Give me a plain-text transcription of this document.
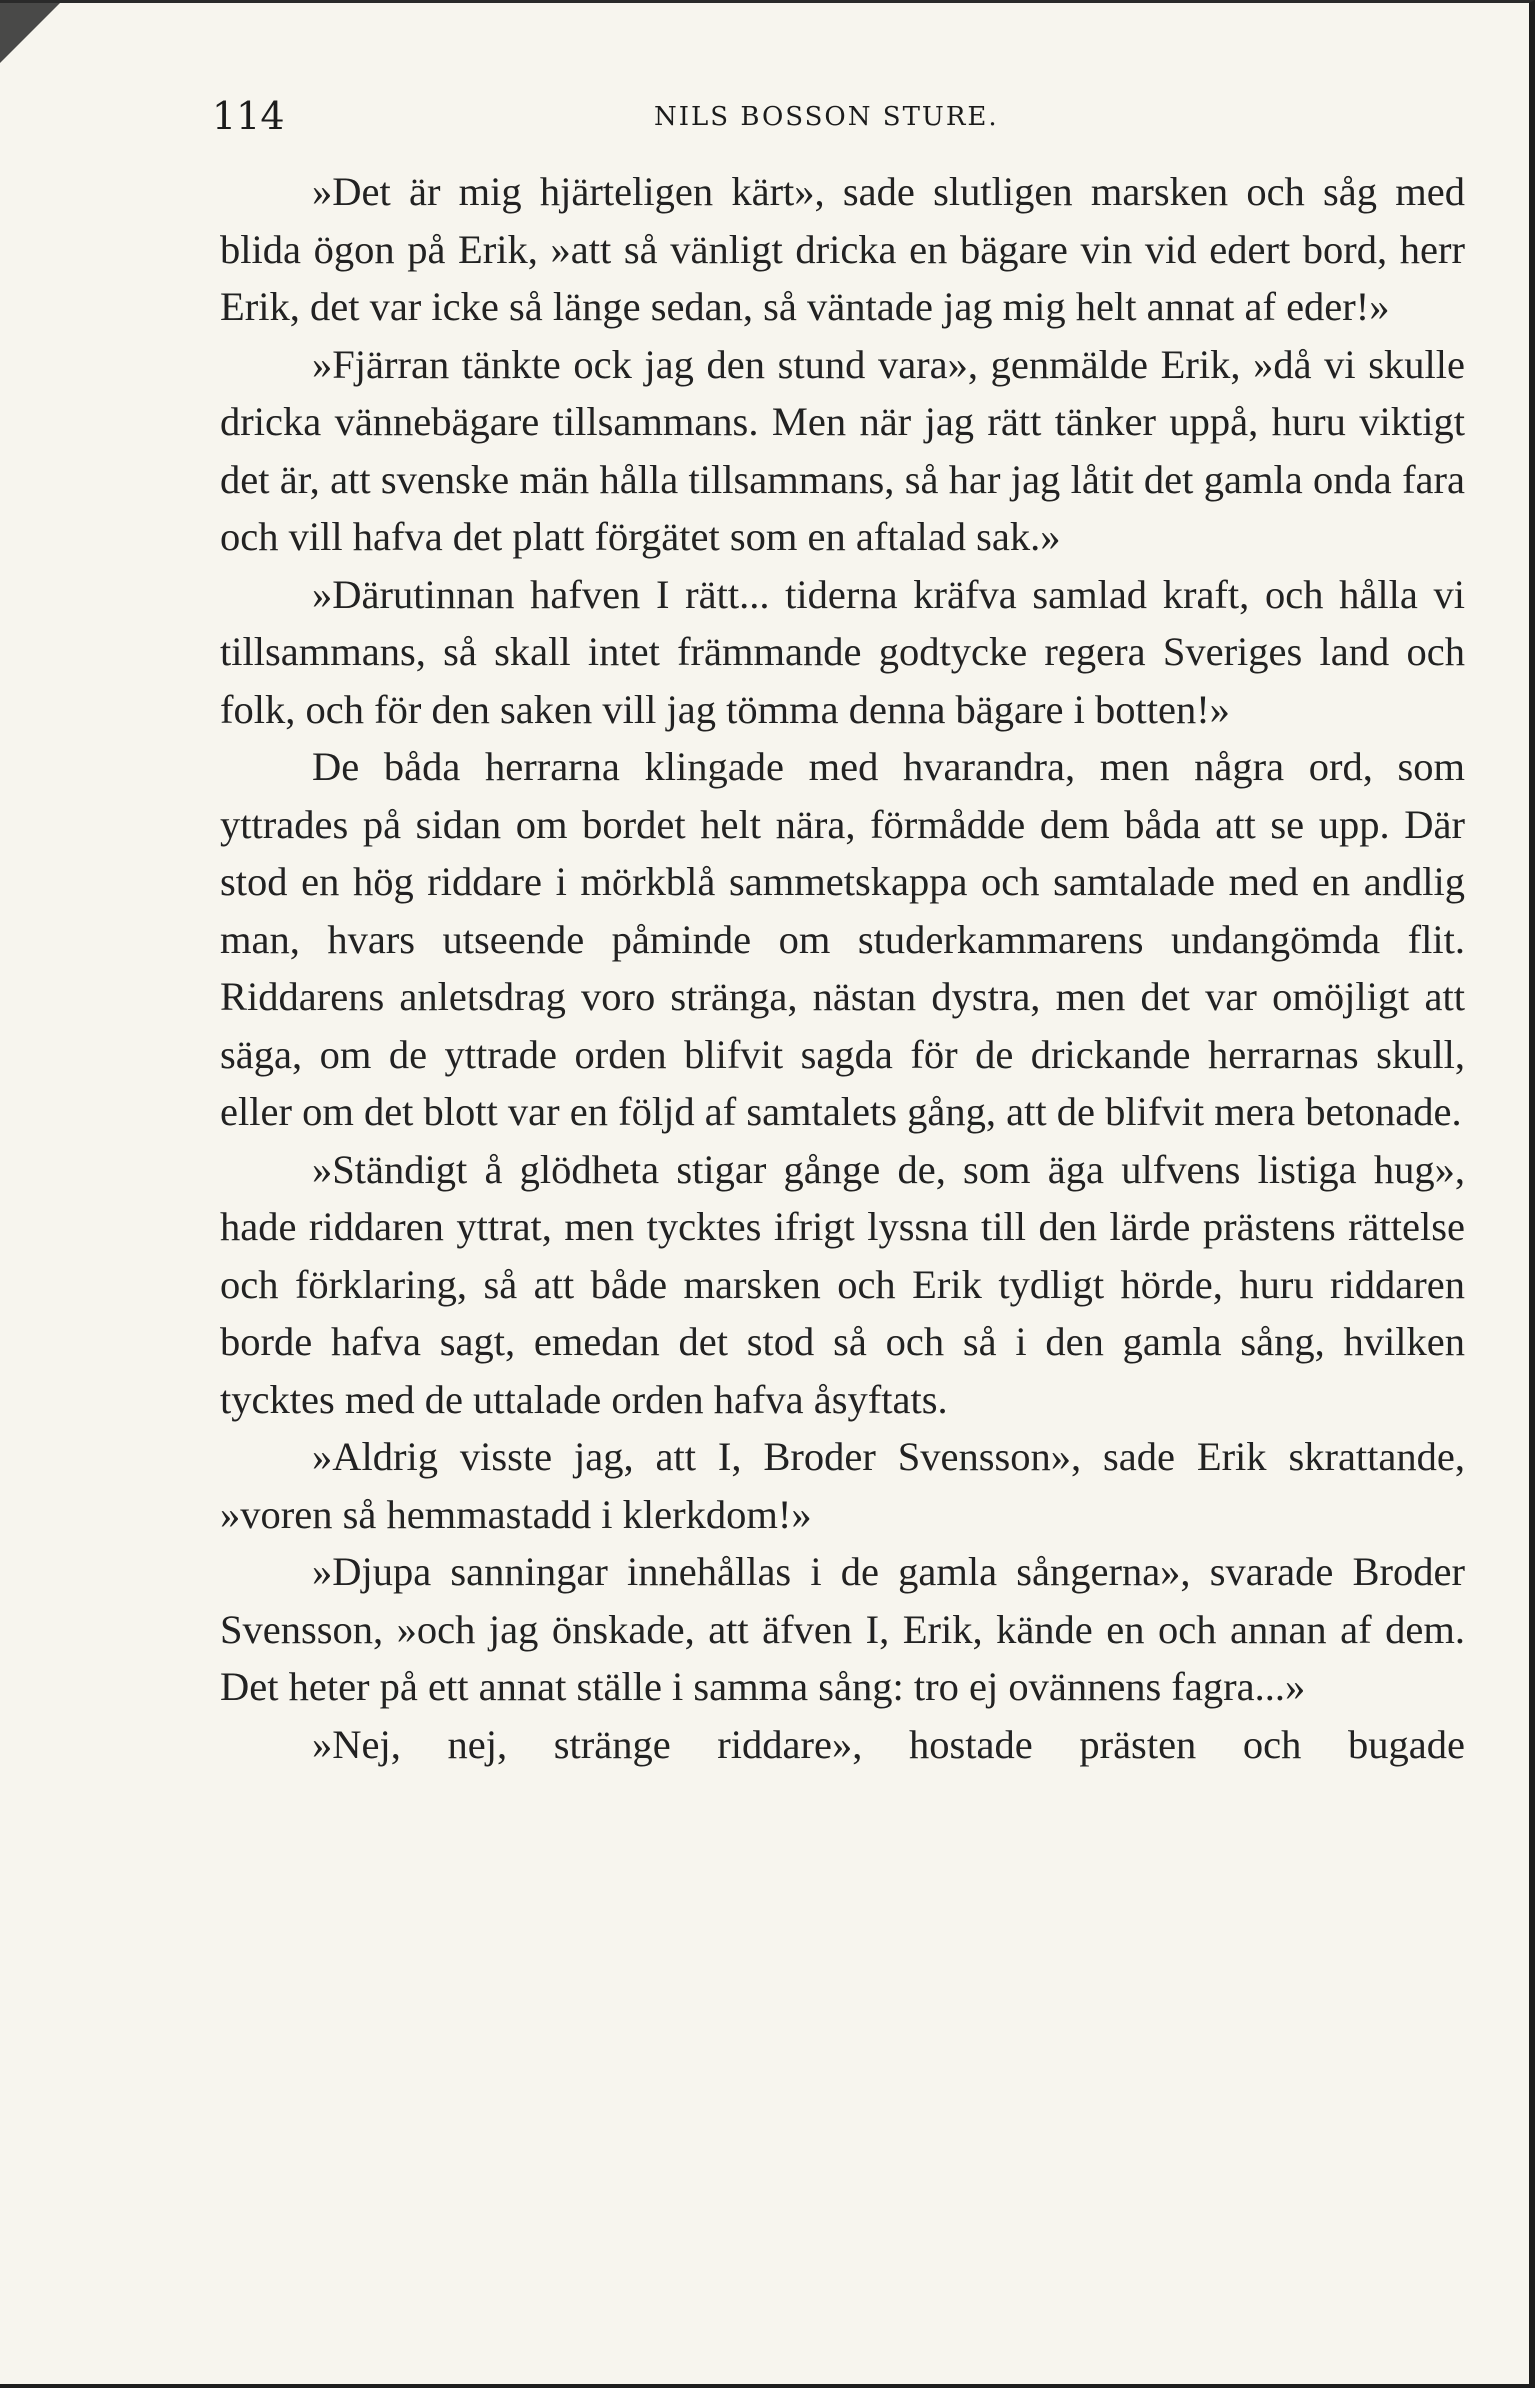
114	NILS BOSSON STURE.

»Det är mig hjärteligen kärt», sade slutligen marsken och såg med blida ögon på Erik, »att så vänligt dricka en bägare vin vid edert bord, herr Erik, det var icke så länge sedan, så väntade jag mig helt annat af eder!»

»Fjärran tänkte ock jag den stund vara», genmälde Erik, »då vi skulle dricka vännebägare tillsammans. Men när jag rätt tänker uppå, huru viktigt det är, att svenske män hålla tillsammans, så har jag låtit det gamla onda fara och vill hafva det platt förgätet som en aftalad sak.»

»Därutinnan hafven I rätt... tiderna kräfva samlad kraft, och hålla vi tillsammans, så skall intet främmande godtycke regera Sveriges land och folk, och för den saken vill jag tömma denna bägare i botten!»

De båda herrarna klingade med hvarandra, men några ord, som yttrades på sidan om bordet helt nära, förmådde dem båda att se upp. Där stod en hög riddare i mörkblå sammetskappa och samtalade med en andlig man, hvars utseende påminde om studerkammarens undangömda flit. Riddarens anletsdrag voro stränga, nästan dystra, men det var omöjligt att säga, om de yttrade orden blifvit sagda för de drickande herrarnas skull, eller om det blott var en följd af samtalets gång, att de blifvit mera betonade.

»Ständigt å glödheta stigar gånge de, som äga ulfvens listiga hug», hade riddaren yttrat, men tycktes ifrigt lyssna till den lärde prästens rättelse och förklaring, så att både marsken och Erik tydligt hörde, huru riddaren borde hafva sagt, emedan det stod så och så i den gamla sång, hvilken tycktes med de uttalade orden hafva åsyftats.

»Aldrig visste jag, att I, Broder Svensson», sade Erik skrattande, »voren så hemmastadd i klerkdom!»

»Djupa sanningar innehållas i de gamla sångerna», svarade Broder Svensson, »och jag önskade, att äfven I, Erik, kände en och annan af dem. Det heter på ett annat ställe i samma sång: tro ej ovännens fagra...»

»Nej, nej, stränge riddare», hostade prästen och bugade
